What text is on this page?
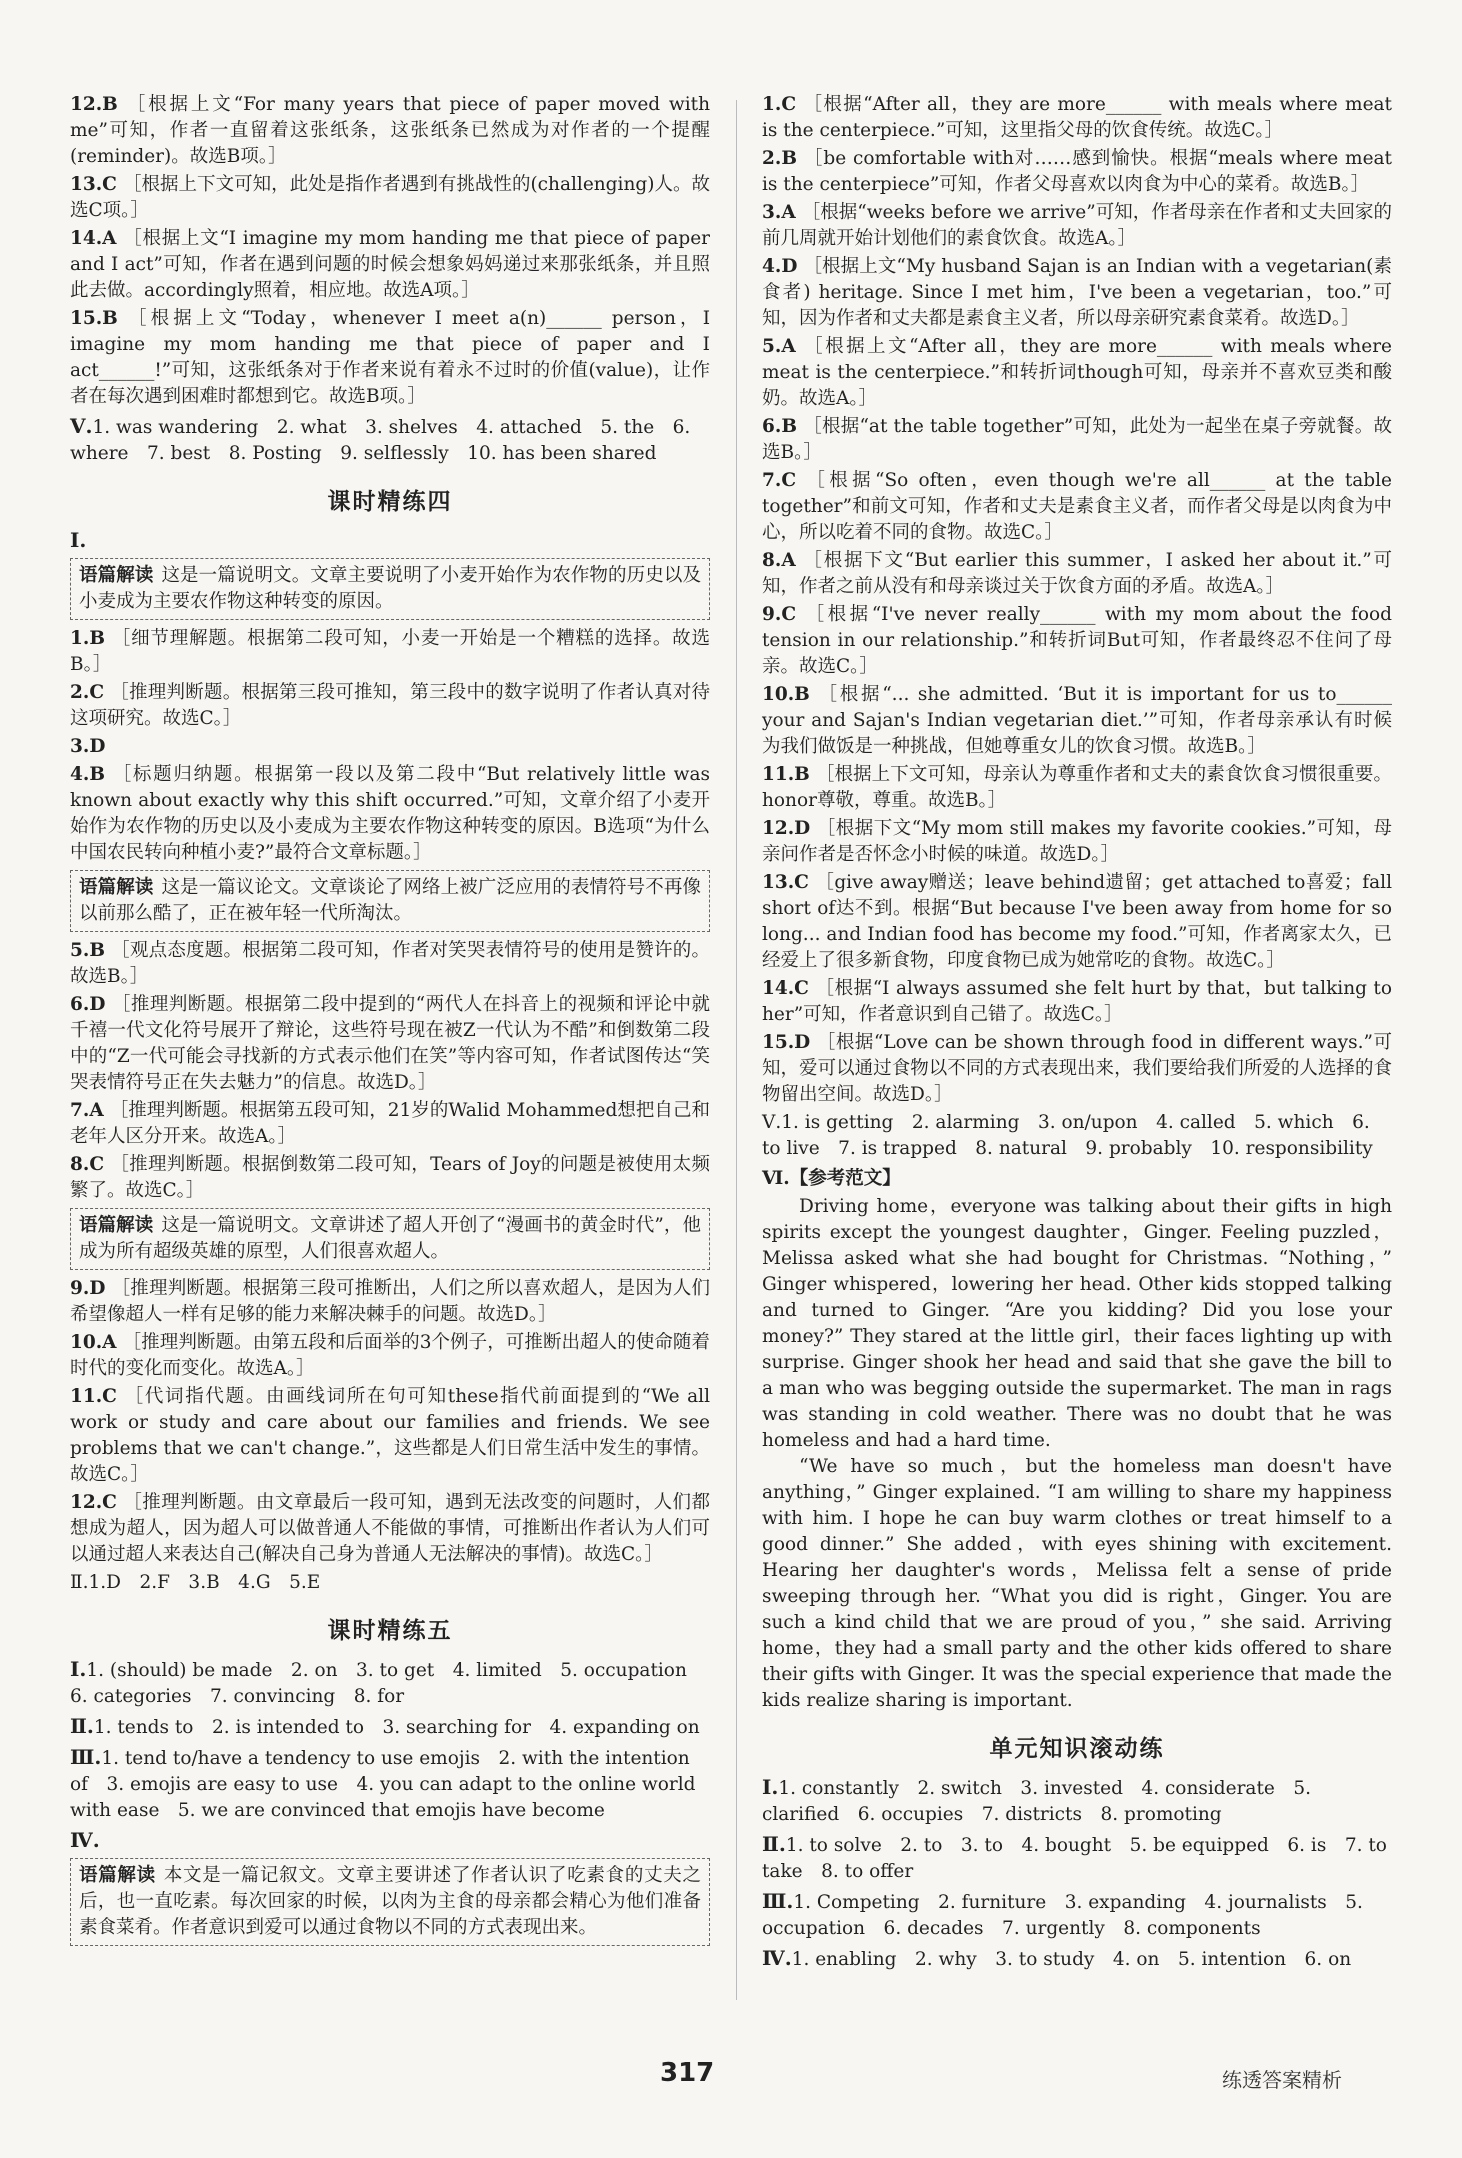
12.B ［根据上文“For many years that piece of paper moved with me”可知，作者一直留着这张纸条，这张纸条已然成为对作者的一个提醒(reminder)。故选B项。］

13.C ［根据上下文可知，此处是指作者遇到有挑战性的(challenging)人。故选C项。］

14.A ［根据上文“I imagine my mom handing me that piece of paper and I act”可知，作者在遇到问题的时候会想象妈妈递过来那张纸条，并且照此去做。accordingly照着，相应地。故选A项。］

15.B ［根据上文“Today，whenever I meet a(n)______ person，I imagine my mom handing me that piece of paper and I act______!”可知，这张纸条对于作者来说有着永不过时的价值(value)，让作者在每次遇到困难时都想到它。故选B项。］

Ⅴ.1. was wandering　2. what　3. shelves　4. attached　5. the　6. where　7. best　8. Posting　9. selflessly　10. has been shared

课时精练四
Ⅰ.
语篇解读 这是一篇说明文。文章主要说明了小麦开始作为农作物的历史以及小麦成为主要农作物这种转变的原因。

1.B ［细节理解题。根据第二段可知，小麦一开始是一个糟糕的选择。故选B。］

2.C ［推理判断题。根据第三段可推知，第三段中的数字说明了作者认真对待这项研究。故选C。］

3.D

4.B ［标题归纳题。根据第一段以及第二段中“But relatively little was known about exactly why this shift occurred.”可知，文章介绍了小麦开始作为农作物的历史以及小麦成为主要农作物这种转变的原因。B选项“为什么中国农民转向种植小麦?”最符合文章标题。］

语篇解读 这是一篇议论文。文章谈论了网络上被广泛应用的表情符号不再像以前那么酷了，正在被年轻一代所淘汰。

5.B ［观点态度题。根据第二段可知，作者对笑哭表情符号的使用是赞许的。故选B。］

6.D ［推理判断题。根据第二段中提到的“两代人在抖音上的视频和评论中就千禧一代文化符号展开了辩论，这些符号现在被Z一代认为不酷”和倒数第二段中的“Z一代可能会寻找新的方式表示他们在笑”等内容可知，作者试图传达“笑哭表情符号正在失去魅力”的信息。故选D。］

7.A ［推理判断题。根据第五段可知，21岁的Walid Mohammed想把自己和老年人区分开来。故选A。］

8.C ［推理判断题。根据倒数第二段可知，Tears of Joy的问题是被使用太频繁了。故选C。］

语篇解读 这是一篇说明文。文章讲述了超人开创了“漫画书的黄金时代”，他成为所有超级英雄的原型，人们很喜欢超人。

9.D ［推理判断题。根据第三段可推断出，人们之所以喜欢超人，是因为人们希望像超人一样有足够的能力来解决棘手的问题。故选D。］

10.A ［推理判断题。由第五段和后面举的3个例子，可推断出超人的使命随着时代的变化而变化。故选A。］

11.C ［代词指代题。由画线词所在句可知these指代前面提到的“We all work or study and care about our families and friends. We see problems that we can't change.”，这些都是人们日常生活中发生的事情。故选C。］

12.C ［推理判断题。由文章最后一段可知，遇到无法改变的问题时，人们都想成为超人，因为超人可以做普通人不能做的事情，可推断出作者认为人们可以通过超人来表达自己(解决自己身为普通人无法解决的事情)。故选C。］

Ⅱ.1.D　2.F　3.B　4.G　5.E

课时精练五

Ⅰ.1. (should) be made　2. on　3. to get　4. limited　5. occupation　6. categories　7. convincing　8. for

Ⅱ.1. tends to　2. is intended to　3. searching for　4. expanding on

Ⅲ.1. tend to/have a tendency to use emojis　2. with the intention of　3. emojis are easy to use　4. you can adapt to the online world with ease　5. we are convinced that emojis have become

Ⅳ.
语篇解读 本文是一篇记叙文。文章主要讲述了作者认识了吃素食的丈夫之后，也一直吃素。每次回家的时候，以肉为主食的母亲都会精心为他们准备素食菜肴。作者意识到爱可以通过食物以不同的方式表现出来。

1.C ［根据“After all，they are more______ with meals where meat is the centerpiece.”可知，这里指父母的饮食传统。故选C。］

2.B ［be comfortable with对……感到愉快。根据“meals where meat is the centerpiece”可知，作者父母喜欢以肉食为中心的菜肴。故选B。］

3.A ［根据“weeks before we arrive”可知，作者母亲在作者和丈夫回家的前几周就开始计划他们的素食饮食。故选A。］

4.D ［根据上文“My husband Sajan is an Indian with a vegetarian(素食者) heritage. Since I met him，I've been a vegetarian，too.”可知，因为作者和丈夫都是素食主义者，所以母亲研究素食菜肴。故选D。］

5.A ［根据上文“After all，they are more______ with meals where meat is the centerpiece.”和转折词though可知，母亲并不喜欢豆类和酸奶。故选A。］

6.B ［根据“at the table together”可知，此处为一起坐在桌子旁就餐。故选B。］

7.C ［根据“So often，even though we're all______ at the table together”和前文可知，作者和丈夫是素食主义者，而作者父母是以肉食为中心，所以吃着不同的食物。故选C。］

8.A ［根据下文“But earlier this summer，I asked her about it.”可知，作者之前从没有和母亲谈过关于饮食方面的矛盾。故选A。］

9.C ［根据“I've never really______ with my mom about the food tension in our relationship.”和转折词But可知，作者最终忍不住问了母亲。故选C。］

10.B ［根据“... she admitted. ‘But it is important for us to______ your and Sajan's Indian vegetarian diet.’”可知，作者母亲承认有时候为我们做饭是一种挑战，但她尊重女儿的饮食习惯。故选B。］

11.B ［根据上下文可知，母亲认为尊重作者和丈夫的素食饮食习惯很重要。honor尊敬，尊重。故选B。］

12.D ［根据下文“My mom still makes my favorite cookies.”可知，母亲问作者是否怀念小时候的味道。故选D。］

13.C ［give away赠送；leave behind遗留；get attached to喜爱；fall short of达不到。根据“But because I've been away from home for so long... and Indian food has become my food.”可知，作者离家太久，已经爱上了很多新食物，印度食物已成为她常吃的食物。故选C。］

14.C ［根据“I always assumed she felt hurt by that，but talking to her”可知，作者意识到自己错了。故选C。］

15.D ［根据“Love can be shown through food in different ways.”可知，爱可以通过食物以不同的方式表现出来，我们要给我们所爱的人选择的食物留出空间。故选D。］

Ⅴ.1. is getting　2. alarming　3. on/upon　4. called　5. which　6. to live　7. is trapped　8. natural　9. probably　10. responsibility

Ⅵ.【参考范文】

Driving home，everyone was talking about their gifts in high spirits except the youngest daughter，Ginger. Feeling puzzled，Melissa asked what she had bought for Christmas. “Nothing，” Ginger whispered，lowering her head. Other kids stopped talking and turned to Ginger. “Are you kidding? Did you lose your money?” They stared at the little girl，their faces lighting up with surprise. Ginger shook her head and said that she gave the bill to a man who was begging outside the supermarket. The man in rags was standing in cold weather. There was no doubt that he was homeless and had a hard time.

“We have so much，but the homeless man doesn't have anything，” Ginger explained. “I am willing to share my happiness with him. I hope he can buy warm clothes or treat himself to a good dinner.” She added，with eyes shining with excitement. Hearing her daughter's words，Melissa felt a sense of pride sweeping through her. “What you did is right，Ginger. You are such a kind child that we are proud of you，” she said. Arriving home，they had a small party and the other kids offered to share their gifts with Ginger. It was the special experience that made the kids realize sharing is important.

单元知识滚动练

Ⅰ.1. constantly　2. switch　3. invested　4. considerate　5. clarified　6. occupies　7. districts　8. promoting

Ⅱ.1. to solve　2. to　3. to　4. bought　5. be equipped　6. is　7. to take　8. to offer

Ⅲ.1. Competing　2. furniture　3. expanding　4. journalists　5. occupation　6. decades　7. urgently　8. components

Ⅳ.1. enabling　2. why　3. to study　4. on　5. intention　6. on

317	练透答案精析
